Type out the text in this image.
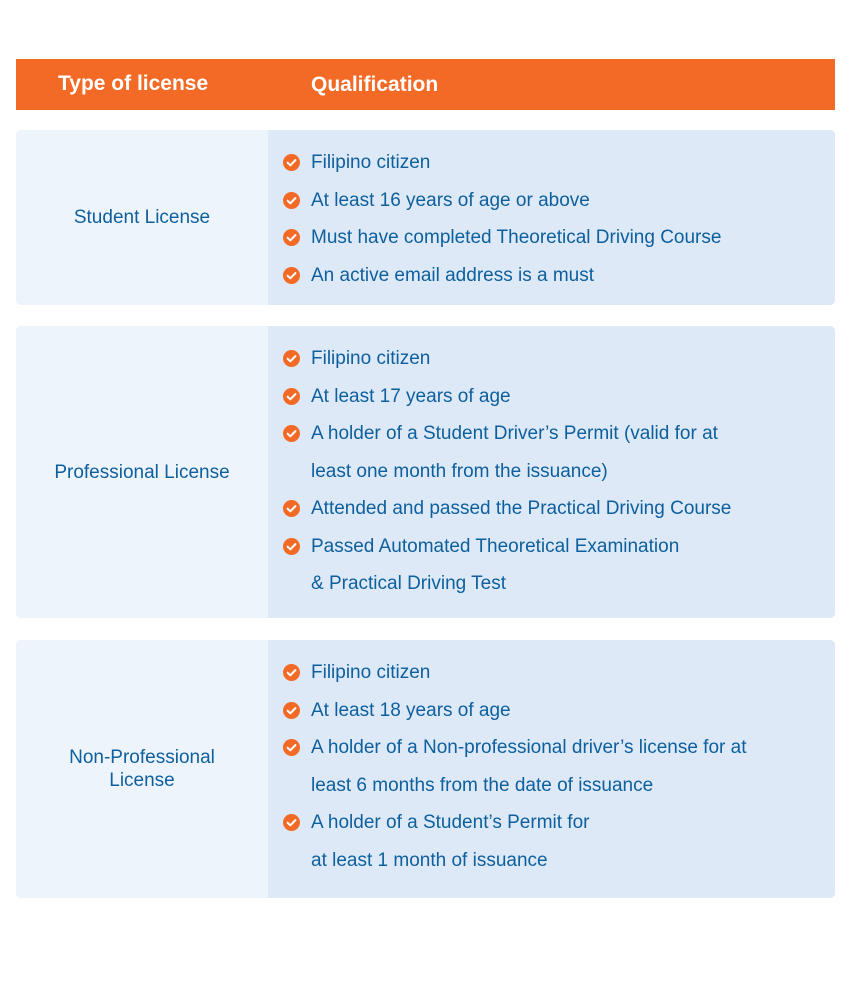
Type of license	Qualification
Student License
Filipino citizen
At least 16 years of age or above
Must have completed Theoretical Driving Course
An active email address is a must
Professional License
Filipino citizen
At least 17 years of age
A holder of a Student Driver’s Permit (valid for at
least one month from the issuance)
Attended and passed the Practical Driving Course
Passed Automated Theoretical Examination
& Practical Driving Test
Non-Professional
License
Filipino citizen
At least 18 years of age
A holder of a Non-professional driver’s license for at
least 6 months from the date of issuance
A holder of a Student’s Permit for
at least 1 month of issuance
